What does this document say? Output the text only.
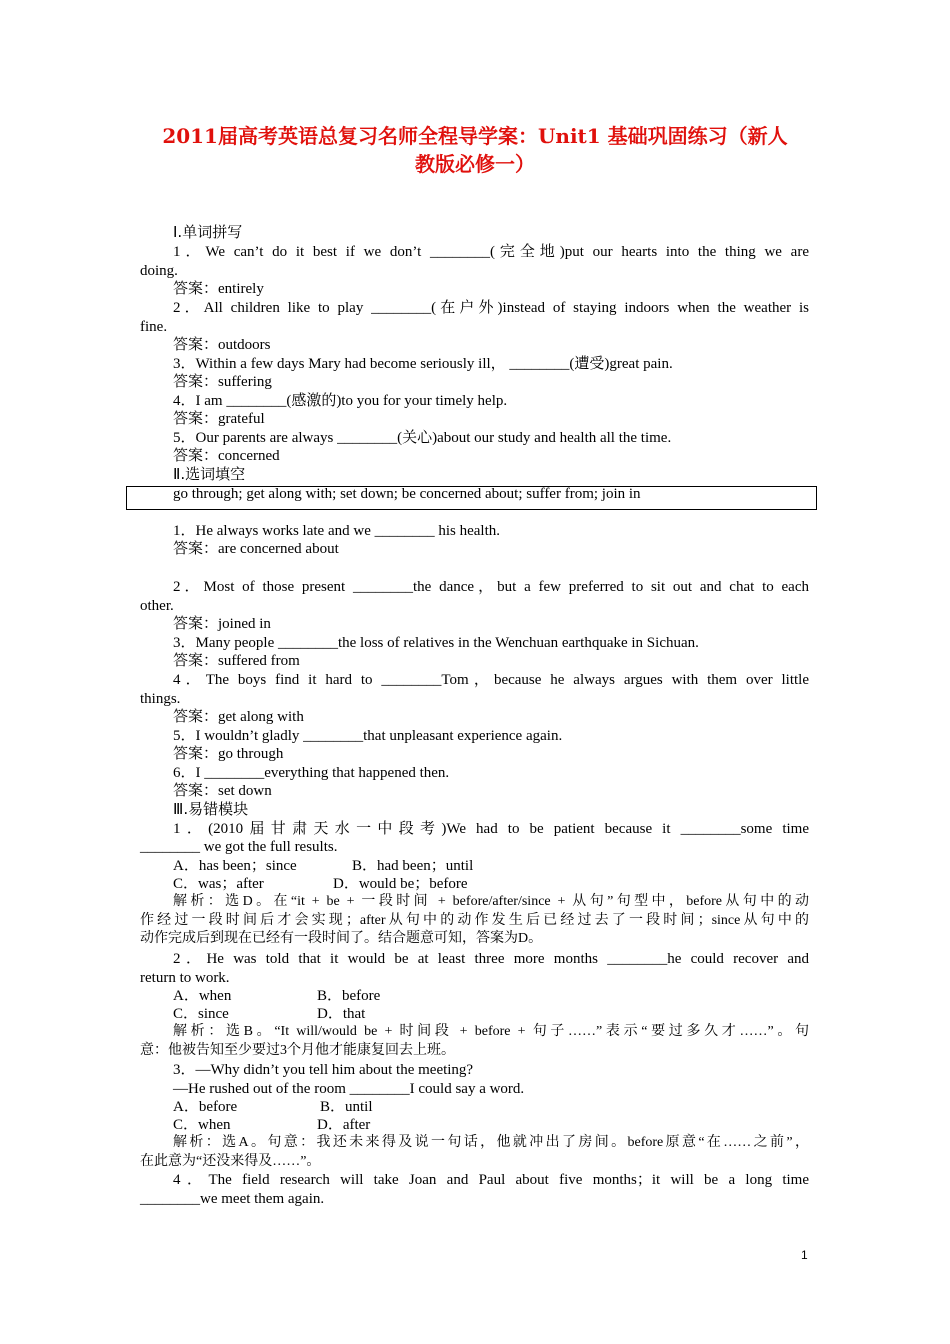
2011届高考英语总复习名师全程导学案：Unit1 基础巩固练习（新人
教版必修一）
Ⅰ.单词拼写
1．We can’t do it best if we don’t ________(完全地)put our hearts into the thing we are
doing.
答案：entirely
2．All children like to play ________(在户外)instead of staying indoors when the weather is
fine.
答案：outdoors
3．Within a few days Mary had become seriously ill， ________(遭受)great pain.
答案：suffering
4．I am ________(感激的)to you for your timely help.
答案：grateful
5．Our parents are always ________(关心)about our study and health all the time.
答案：concerned
Ⅱ.选词填空
go through; get along with; set down; be concerned about; suffer from; join in
1．He always works late and we ________ his health.
答案：are concerned about
2．Most of those present ________the dance，but a few preferred to sit out and chat to each
other.
答案：joined in
3．Many people ________the loss of relatives in the Wenchuan earthquake in Sichuan.
答案：suffered from
4．The boys find it hard to ________Tom，because he always argues with them over little
things.
答案：get along with
5．I wouldn’t gladly ________that unpleasant experience again.
答案：go through
6．I ________everything that happened then.
答案：set down
Ⅲ.易错模块
1．(2010届甘肃天水一中段考)We had to be patient because it ________some time
________ we got the full results.
A．has been；since	B．had been；until
C．was；after	D．would be；before
解析：选D。在“it + be + 一段时间 + before/after/since + 从句”句型中，before从句中的动
作经过一段时间后才会实现；after从句中的动作发生后已经过去了一段时间；since从句中的
动作完成后到现在已经有一段时间了。结合题意可知，答案为D。
2．He was told that it would be at least three more months ________he could recover and
return to work.
A．when	B．before
C．since	D．that
解析：选B。“It will/would be + 时间段 + before + 句子……”表示“要过多久才……”。句
意：他被告知至少要过3个月他才能康复回去上班。
3．—Why didn’t you tell him about the meeting?
—He rushed out of the room ________I could say a word.
A．before	B．until
C．when	D．after
解析：选A。句意：我还未来得及说一句话，他就冲出了房间。before原意“在……之前”，
在此意为“还没来得及……”。
4．The field research will take Joan and Paul about five months；it will be a long time
________we meet them again.
1
